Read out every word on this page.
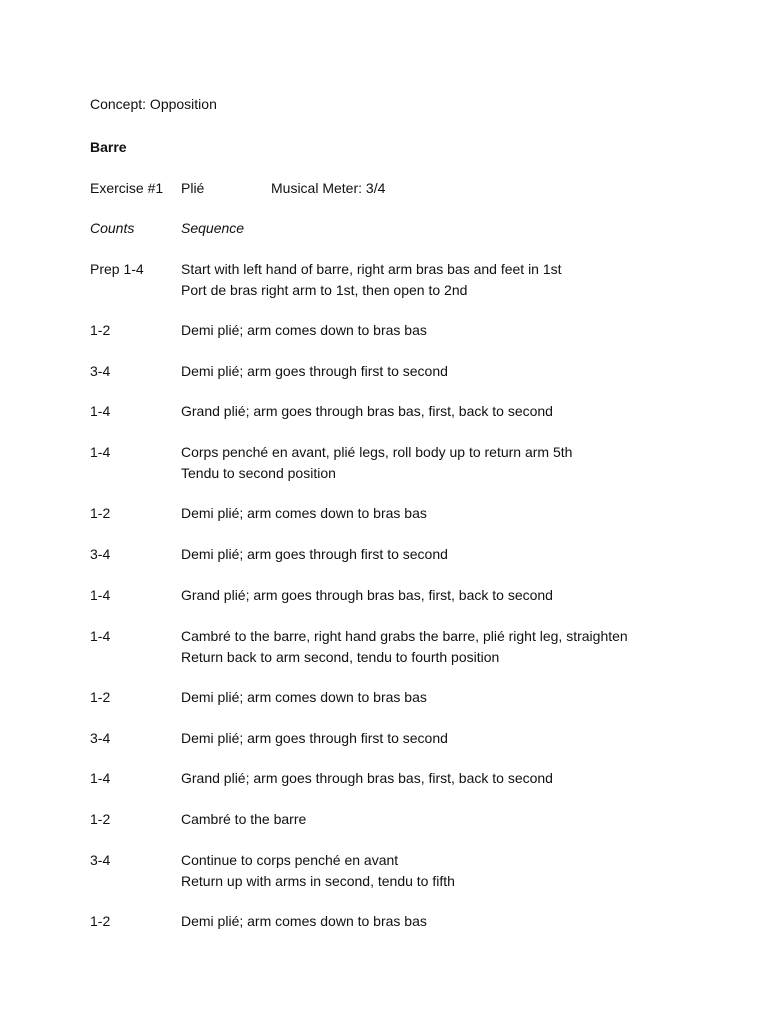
Concept: Opposition
Barre
Exercise #1 Plié	Musical Meter: 3/4
Counts	Sequence
Prep 1-4	Start with left hand of barre, right arm bras bas and feet in 1st
Port de bras right arm to 1st, then open to 2nd
1-2	Demi plié; arm comes down to bras bas
3-4	Demi plié; arm goes through first to second
1-4	Grand plié; arm goes through bras bas, first, back to second
1-4	Corps penché en avant, plié legs, roll body up to return arm 5th
Tendu to second position
1-2	Demi plié; arm comes down to bras bas
3-4	Demi plié; arm goes through first to second
1-4	Grand plié; arm goes through bras bas, first, back to second
1-4	Cambré to the barre, right hand grabs the barre, plié right leg, straighten
Return back to arm second, tendu to fourth position
1-2	Demi plié; arm comes down to bras bas
3-4	Demi plié; arm goes through first to second
1-4	Grand plié; arm goes through bras bas, first, back to second
1-2	Cambré to the barre
3-4	Continue to corps penché en avant
Return up with arms in second, tendu to fifth
1-2	Demi plié; arm comes down to bras bas
